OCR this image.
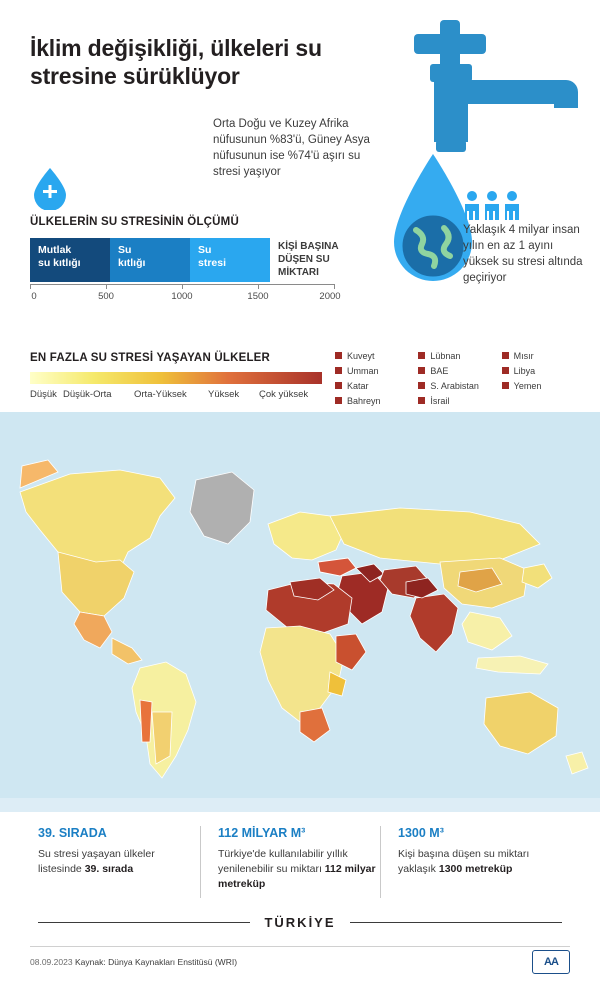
İklim değişikliği, ülkeleri su stresine sürüklüyor
Orta Doğu ve Kuzey Afrika nüfusunun %83'ü, Güney Asya nüfusunun ise %74'ü aşırı su stresi yaşıyor
Yaklaşık 4 milyar insan yılın en az 1 ayını yüksek su stresi altında geçiriyor
ÜLKELERİN SU STRESİNİN ÖLÇÜMÜ
Mutlak
su kıtlığı
Su
kıtlığı
Su
stresi
KİŞİ BAŞINA DÜŞEN SU MİKTARI
0	500	1000	1500	2000
EN FAZLA SU STRESİ YAŞAYAN ÜLKELER
Düşük Düşük-Orta Orta-Yüksek Yüksek Çok yüksek
Kuveyt	Lübnan	Mısır
Umman	BAE	Libya
Katar	S. Arabistan	Yemen
Bahreyn	İsrail
39. SIRADA
Su stresi yaşayan ülkeler listesinde 39. sırada
112 MİLYAR M³
Türkiye'de kullanılabilir yıllık yenilenebilir su miktarı 112 milyar metreküp
1300 M³
Kişi başına düşen su miktarı yaklaşık 1300 metreküp
TÜRKİYE
08.09.2023 Kaynak: Dünya Kaynakları Enstitüsü (WRI)	AA
